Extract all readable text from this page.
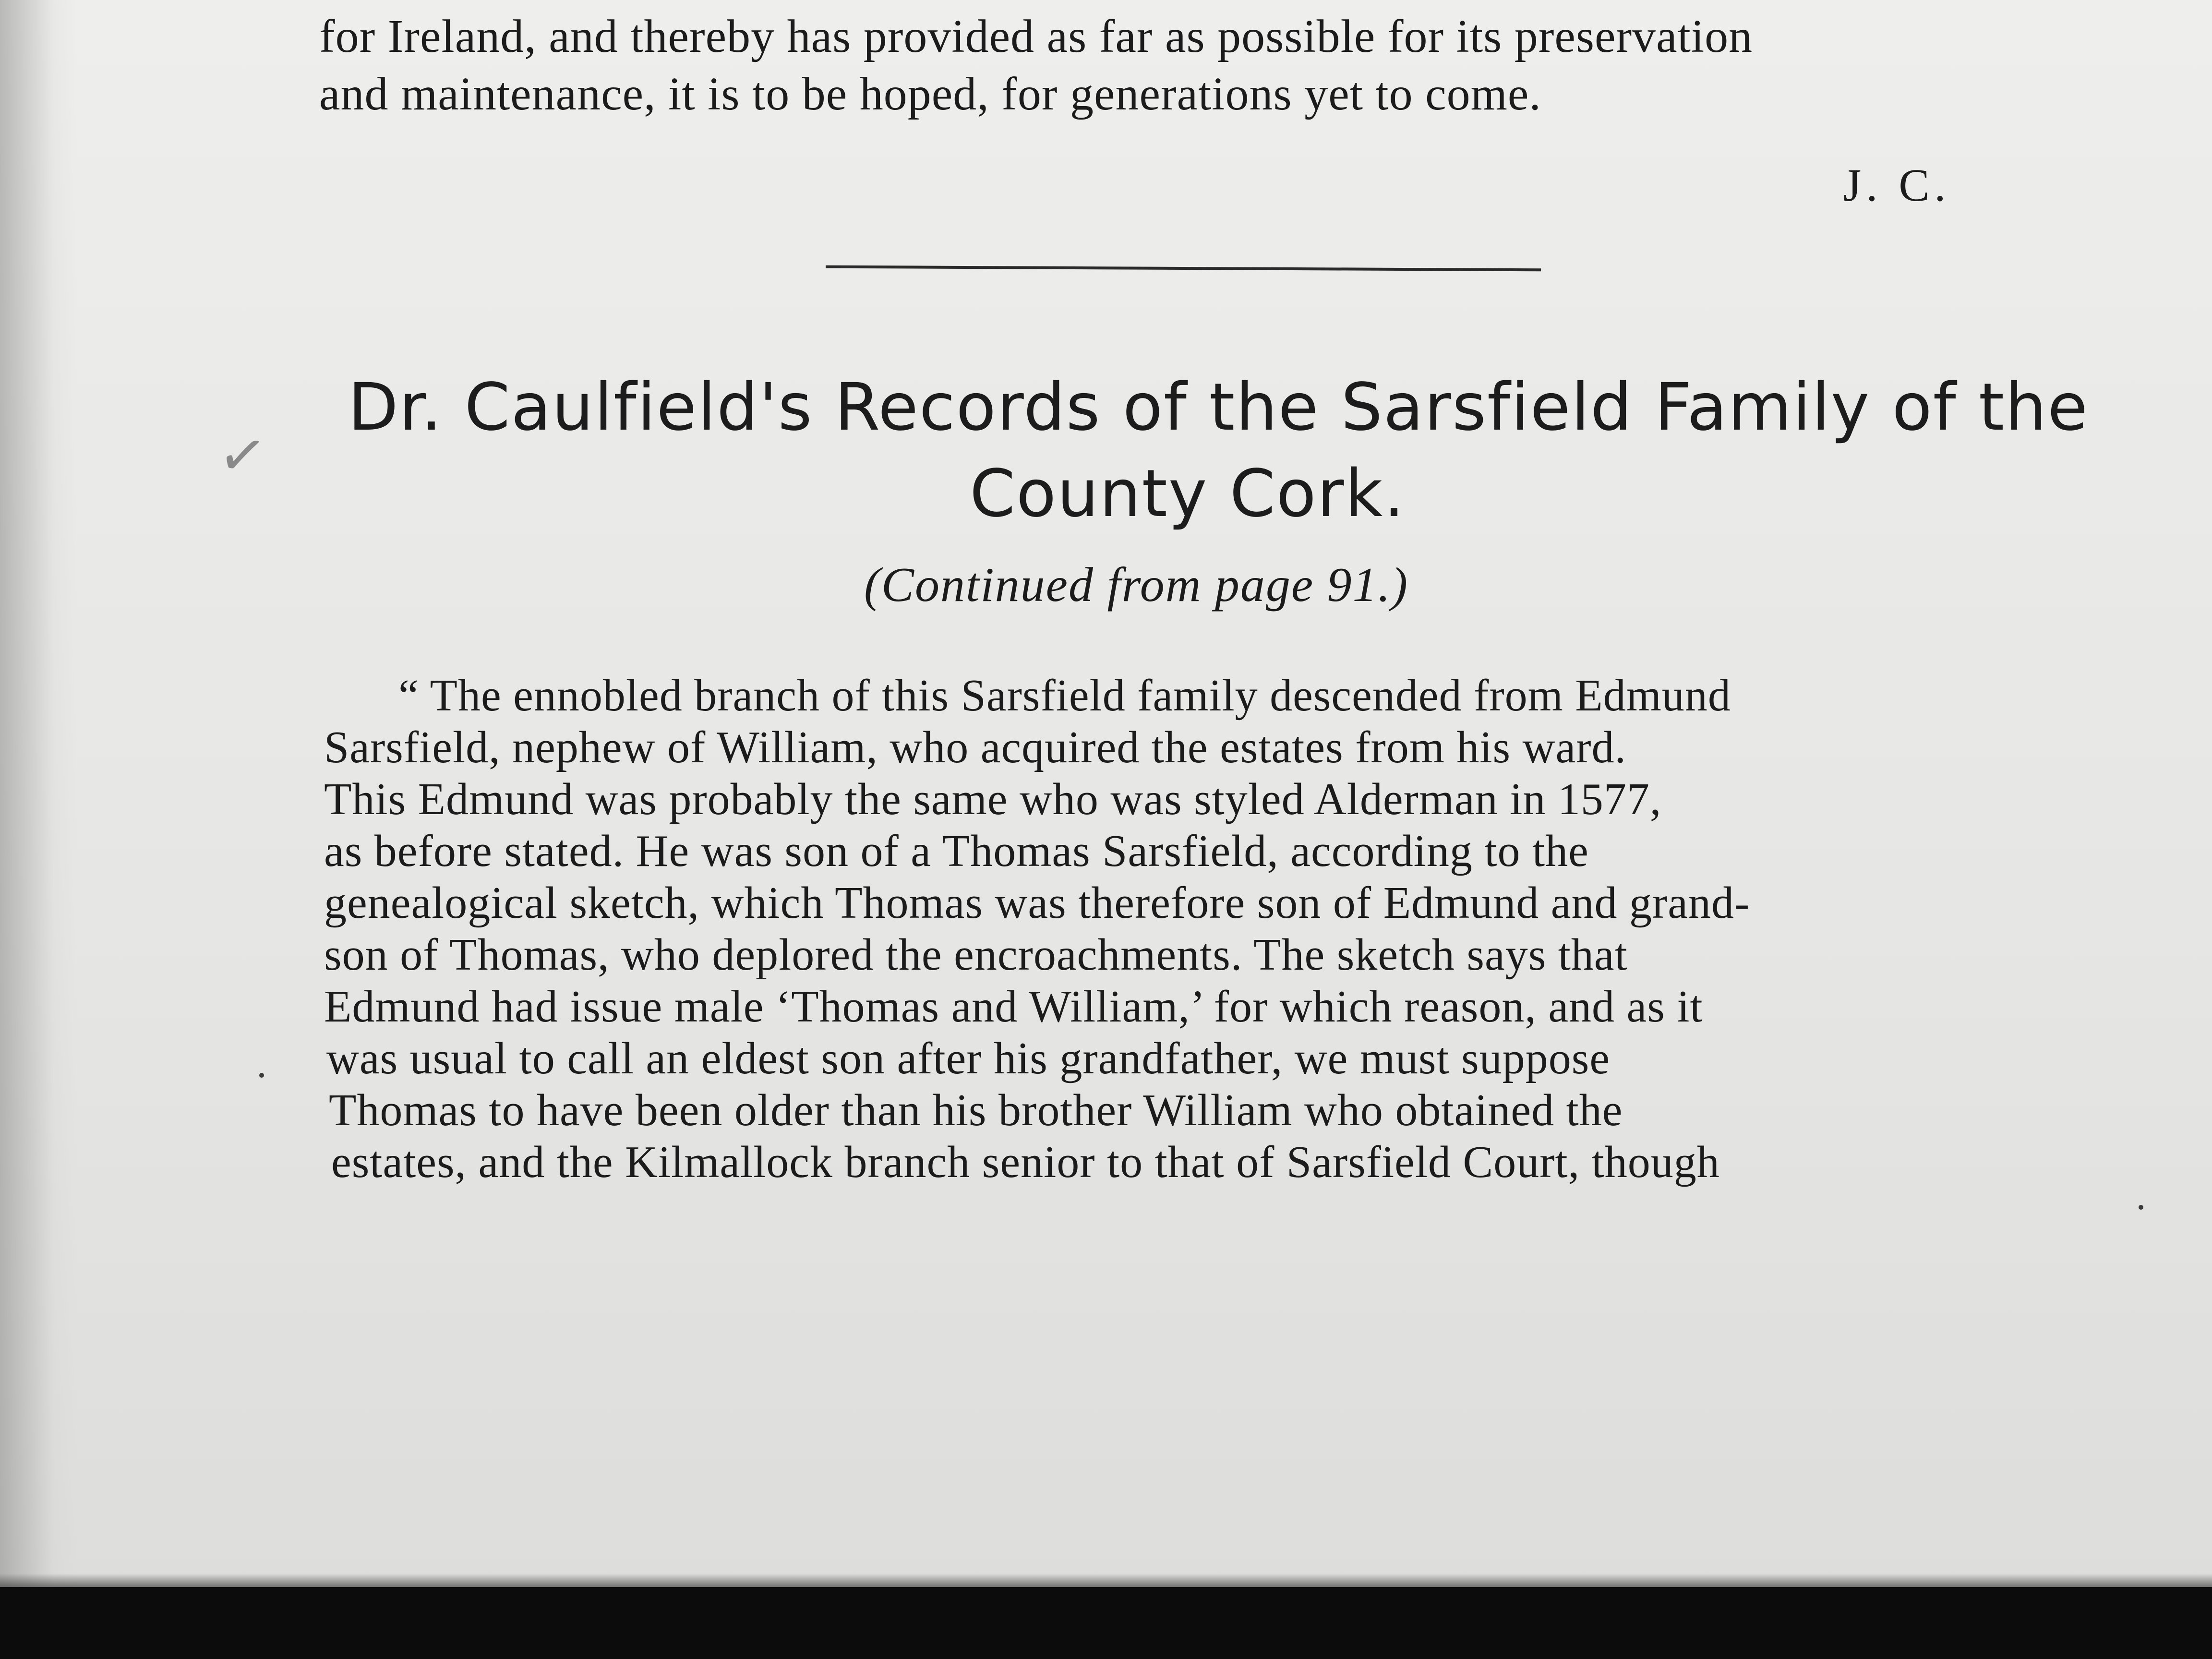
for Ireland, and thereby has provided as far as possible for its preservation
and maintenance, it is to be hoped, for generations yet to come.
J. C.
✓
Dr. Caulfield's Records of the Sarsfield Family of the
County Cork.
(Continued from page 91.)
“ The ennobled branch of this Sarsfield family descended from Edmund
Sarsfield, nephew of William, who acquired the estates from his ward.
This Edmund was probably the same who was styled Alderman in 1577,
as before stated. He was son of a Thomas Sarsfield, according to the
genealogical sketch, which Thomas was therefore son of Edmund and grand-
son of Thomas, who deplored the encroachments. The sketch says that
Edmund had issue male ‘Thomas and William,’ for which reason, and as it
was usual to call an eldest son after his grandfather, we must suppose
Thomas to have been older than his brother William who obtained the
estates, and the Kilmallock branch senior to that of Sarsfield Court, though
